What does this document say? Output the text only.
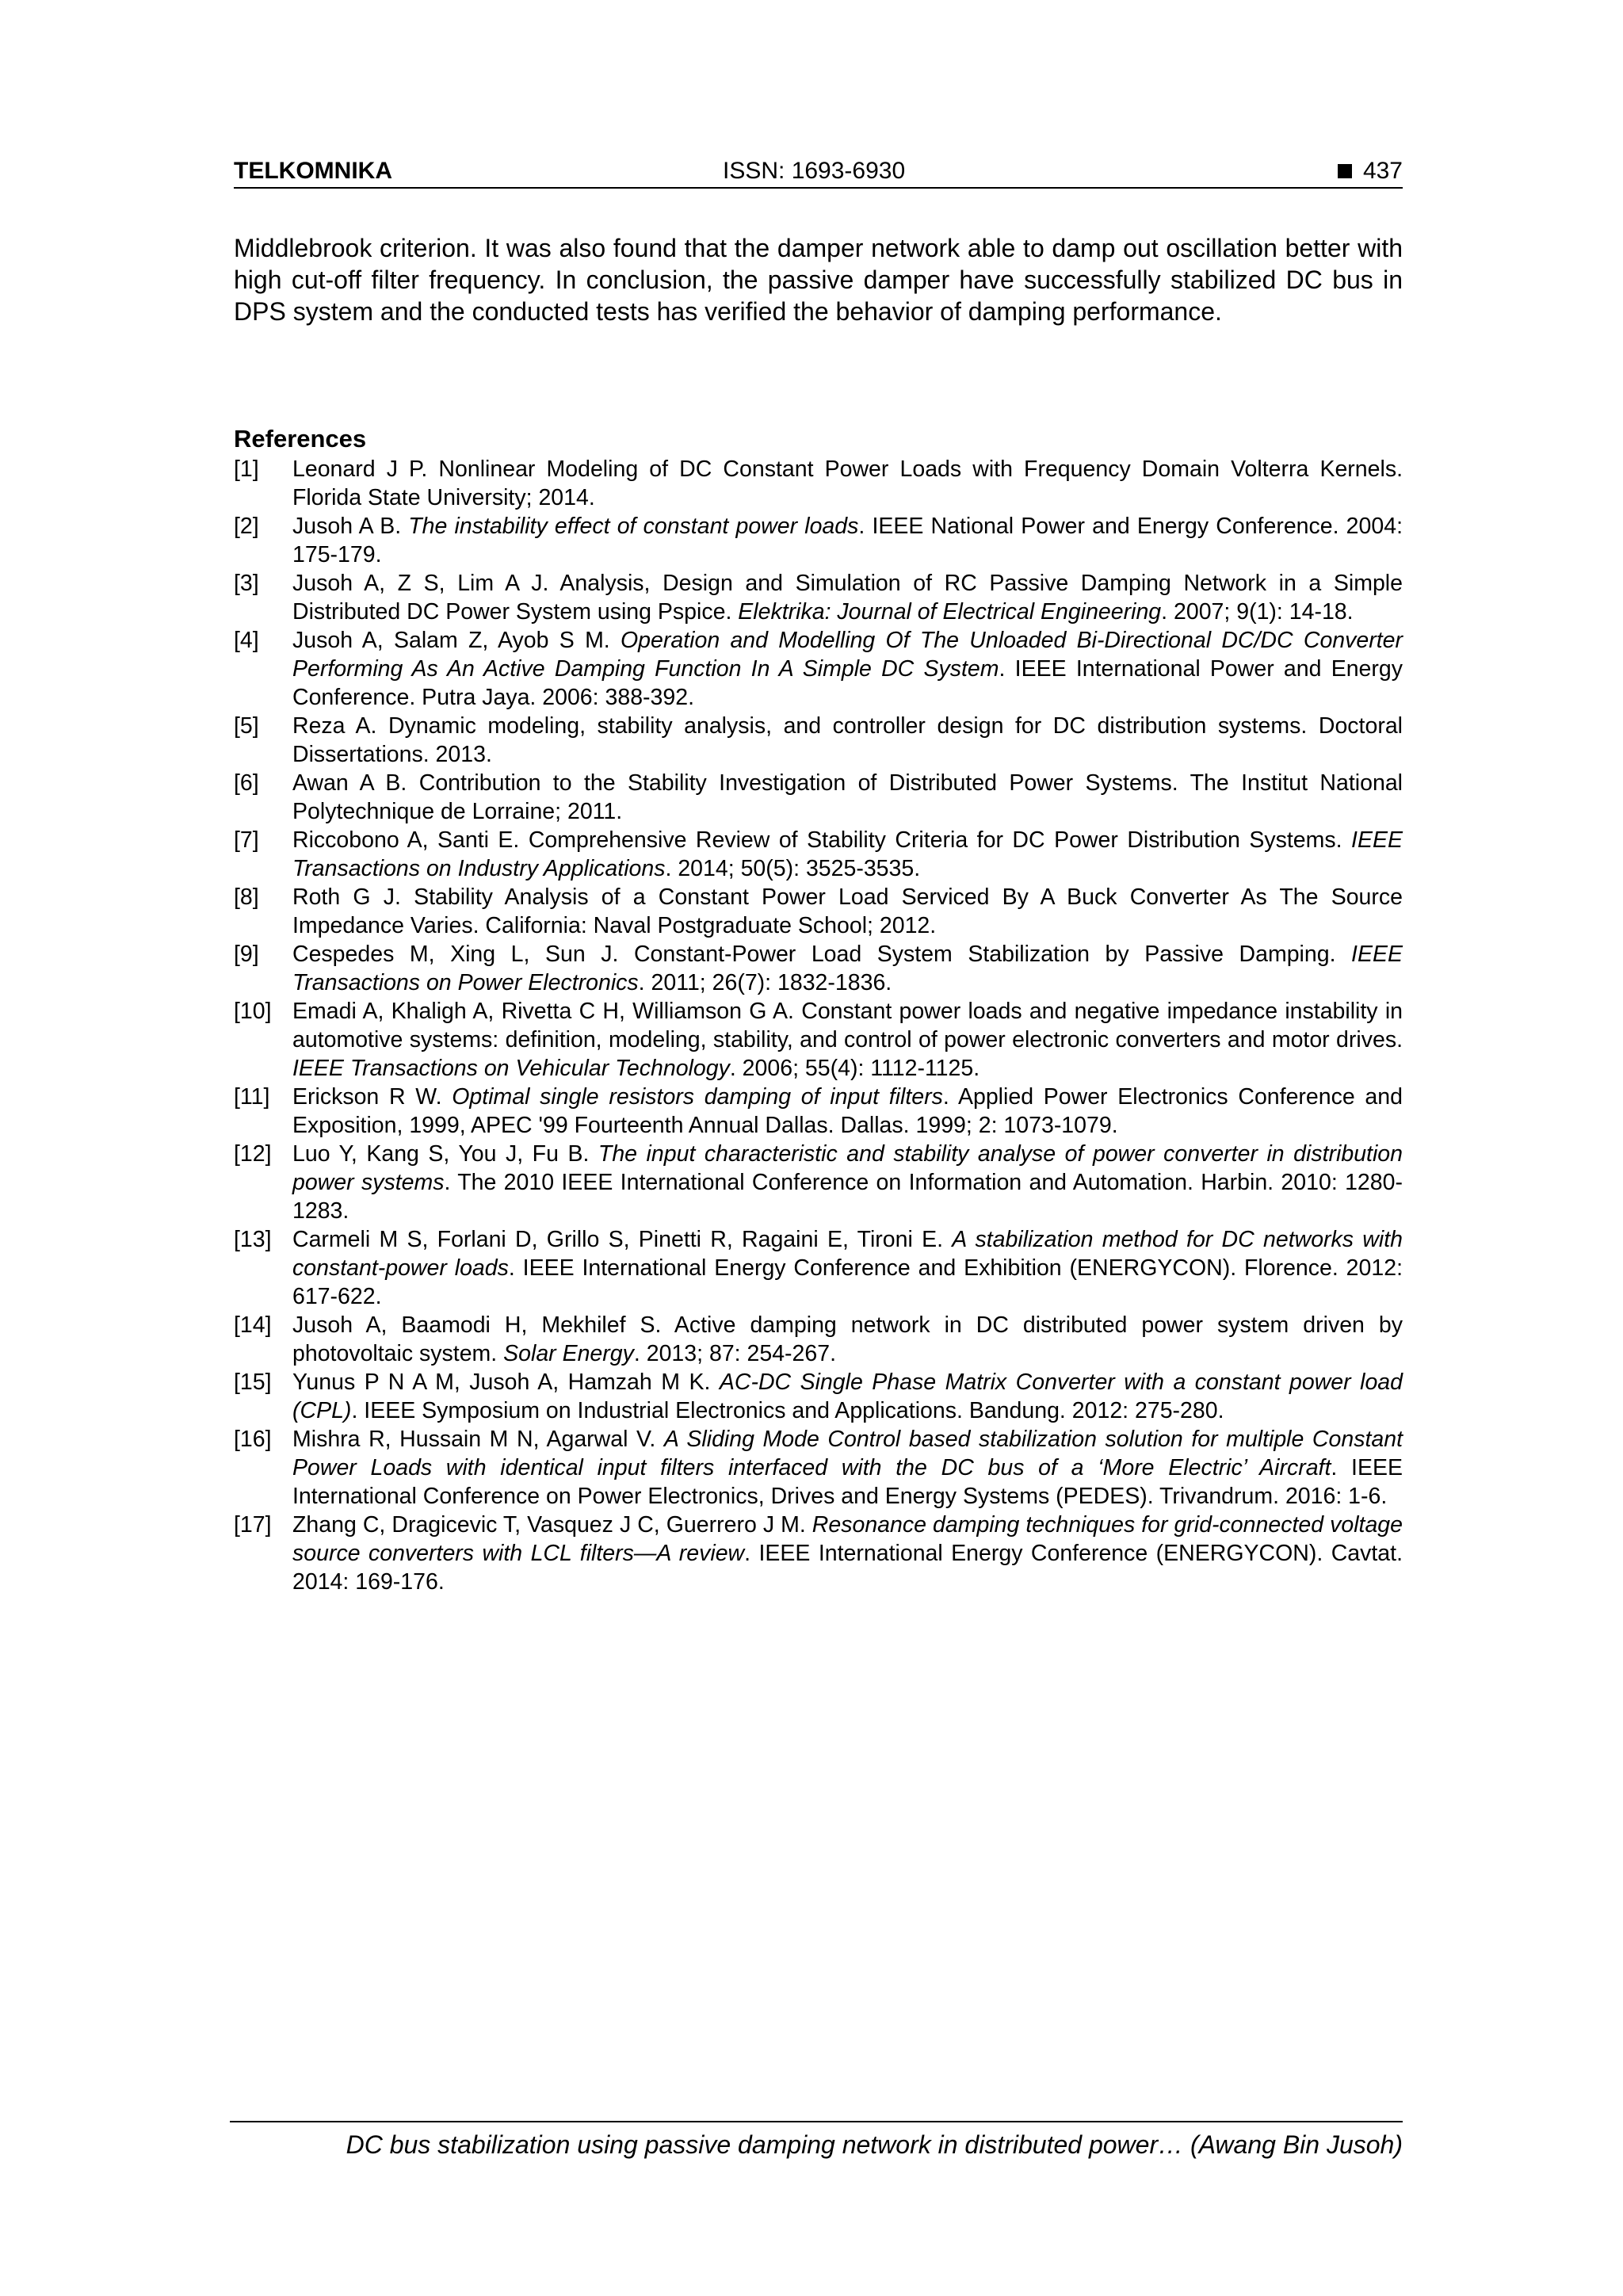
TELKOMNIKA	ISSN: 1693-6930	437

Middlebrook criterion. It was also found that the damper network able to damp out oscillation better with high cut-off filter frequency. In conclusion, the passive damper have successfully stabilized DC bus in DPS system and the conducted tests has verified the behavior of damping performance.

References
[1]	Leonard J P. Nonlinear Modeling of DC Constant Power Loads with Frequency Domain Volterra Kernels. Florida State University; 2014.
[2]	Jusoh A B. The instability effect of constant power loads. IEEE National Power and Energy Conference. 2004: 175-179.
[3]	Jusoh A, Z S, Lim A J. Analysis, Design and Simulation of RC Passive Damping Network in a Simple Distributed DC Power System using Pspice. Elektrika: Journal of Electrical Engineering. 2007; 9(1): 14-18.
[4]	Jusoh A, Salam Z, Ayob S M. Operation and Modelling Of The Unloaded Bi-Directional DC/DC Converter Performing As An Active Damping Function In A Simple DC System. IEEE International Power and Energy Conference. Putra Jaya. 2006: 388-392.
[5]	Reza A. Dynamic modeling, stability analysis, and controller design for DC distribution systems. Doctoral Dissertations. 2013.
[6]	Awan A B. Contribution to the Stability Investigation of Distributed Power Systems. The Institut National Polytechnique de Lorraine; 2011.
[7]	Riccobono A, Santi E. Comprehensive Review of Stability Criteria for DC Power Distribution Systems. IEEE Transactions on Industry Applications. 2014; 50(5): 3525-3535.
[8]	Roth G J. Stability Analysis of a Constant Power Load Serviced By A Buck Converter As The Source Impedance Varies. California: Naval Postgraduate School; 2012.
[9]	Cespedes M, Xing L, Sun J. Constant-Power Load System Stabilization by Passive Damping. IEEE Transactions on Power Electronics. 2011; 26(7): 1832-1836.
[10] Emadi A, Khaligh A, Rivetta C H, Williamson G A. Constant power loads and negative impedance instability in automotive systems: definition, modeling, stability, and control of power electronic converters and motor drives. IEEE Transactions on Vehicular Technology. 2006; 55(4): 1112-1125.
[11]	Erickson R W. Optimal single resistors damping of input filters. Applied Power Electronics Conference and Exposition, 1999, APEC '99 Fourteenth Annual Dallas. Dallas. 1999; 2: 1073-1079.
[12] Luo Y, Kang S, You J, Fu B. The input characteristic and stability analyse of power converter in distribution power systems. The 2010 IEEE International Conference on Information and Automation. Harbin. 2010: 1280-1283.
[13] Carmeli M S, Forlani D, Grillo S, Pinetti R, Ragaini E, Tironi E. A stabilization method for DC networks with constant-power loads. IEEE International Energy Conference and Exhibition (ENERGYCON). Florence. 2012: 617-622.
[14] Jusoh A, Baamodi H, Mekhilef S. Active damping network in DC distributed power system driven by photovoltaic system. Solar Energy. 2013; 87: 254-267.
[15] Yunus P N A M, Jusoh A, Hamzah M K. AC-DC Single Phase Matrix Converter with a constant power load (CPL). IEEE Symposium on Industrial Electronics and Applications. Bandung. 2012: 275-280.
[16] Mishra R, Hussain M N, Agarwal V. A Sliding Mode Control based stabilization solution for multiple Constant Power Loads with identical input filters interfaced with the DC bus of a ‘More Electric’ Aircraft. IEEE International Conference on Power Electronics, Drives and Energy Systems (PEDES). Trivandrum. 2016: 1-6.
[17] Zhang C, Dragicevic T, Vasquez J C, Guerrero J M. Resonance damping techniques for grid-connected voltage source converters with LCL filters—A review. IEEE International Energy Conference (ENERGYCON). Cavtat. 2014: 169-176.
DC bus stabilization using passive damping network in distributed power… (Awang Bin Jusoh)
